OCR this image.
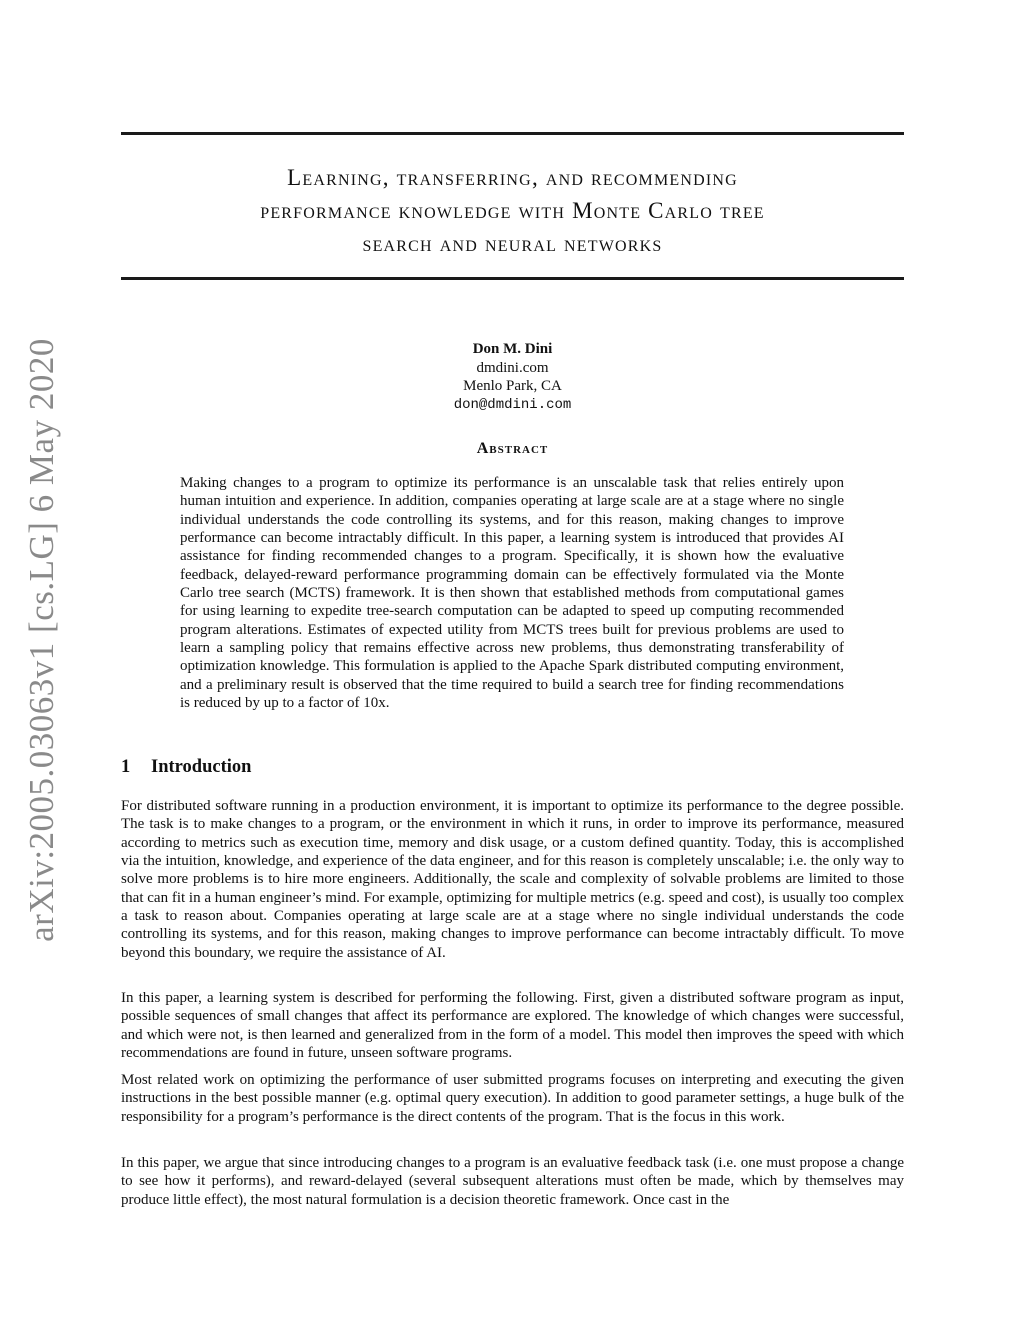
arXiv:2005.03063v1 [cs.LG] 6 May 2020
Learning, transferring, and recommending
performance knowledge with Monte Carlo tree
search and neural networks
Don M. Dini
dmdini.com
Menlo Park, CA
don@dmdini.com
Abstract
Making changes to a program to optimize its performance is an unscalable task that relies entirely upon human intuition and experience. In addition, companies operating at large scale are at a stage where no single individual understands the code controlling its systems, and for this reason, making changes to improve performance can become intractably difficult. In this paper, a learning system is introduced that provides AI assistance for finding recommended changes to a program. Specifically, it is shown how the evaluative feedback, delayed-reward performance programming domain can be effectively formulated via the Monte Carlo tree search (MCTS) framework. It is then shown that established methods from computational games for using learning to expedite tree-search computation can be adapted to speed up computing recommended program alterations. Estimates of expected utility from MCTS trees built for previous problems are used to learn a sampling policy that remains effective across new problems, thus demonstrating transferability of optimization knowledge. This formulation is applied to the Apache Spark distributed computing environment, and a preliminary result is observed that the time required to build a search tree for finding recommendations is reduced by up to a factor of 10x.
1 Introduction
For distributed software running in a production environment, it is important to optimize its performance to the degree possible. The task is to make changes to a program, or the environment in which it runs, in order to improve its performance, measured according to metrics such as execution time, memory and disk usage, or a custom defined quantity. Today, this is accomplished via the intuition, knowledge, and experience of the data engineer, and for this reason is completely unscalable; i.e. the only way to solve more problems is to hire more engineers. Additionally, the scale and complexity of solvable problems are limited to those that can fit in a human engineer’s mind. For example, optimizing for multiple metrics (e.g. speed and cost), is usually too complex a task to reason about. Companies operating at large scale are at a stage where no single individual understands the code controlling its systems, and for this reason, making changes to improve performance can become intractably difficult. To move beyond this boundary, we require the assistance of AI.
In this paper, a learning system is described for performing the following. First, given a distributed software program as input, possible sequences of small changes that affect its performance are explored. The knowledge of which changes were successful, and which were not, is then learned and generalized from in the form of a model. This model then improves the speed with which recommendations are found in future, unseen software programs.
Most related work on optimizing the performance of user submitted programs focuses on interpreting and executing the given instructions in the best possible manner (e.g. optimal query execution). In addition to good parameter settings, a huge bulk of the responsibility for a program’s performance is the direct contents of the program. That is the focus in this work.
In this paper, we argue that since introducing changes to a program is an evaluative feedback task (i.e. one must propose a change to see how it performs), and reward-delayed (several subsequent alterations must often be made, which by themselves may produce little effect), the most natural formulation is a decision theoretic framework. Once cast in the
